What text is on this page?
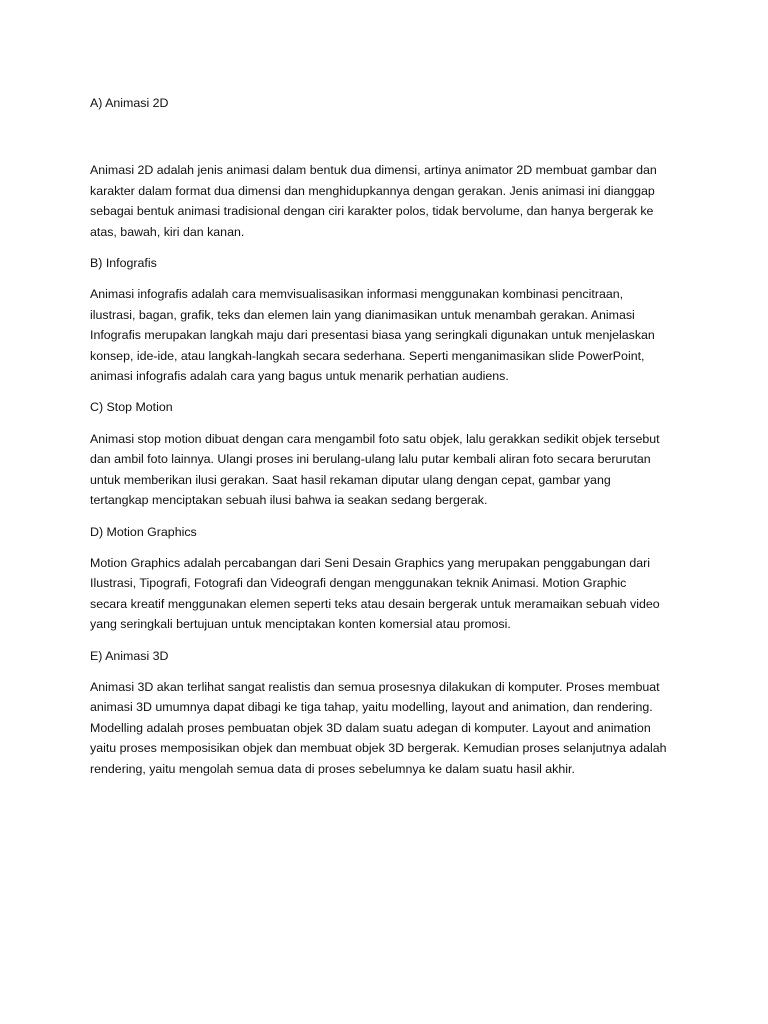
A) Animasi 2D

Animasi 2D adalah jenis animasi dalam bentuk dua dimensi, artinya animator 2D membuat gambar dan
karakter dalam format dua dimensi dan menghidupkannya dengan gerakan. Jenis animasi ini dianggap
sebagai bentuk animasi tradisional dengan ciri karakter polos, tidak bervolume, dan hanya bergerak ke
atas, bawah, kiri dan kanan.

B) Infografis

Animasi infografis adalah cara memvisualisasikan informasi menggunakan kombinasi pencitraan,
ilustrasi, bagan, grafik, teks dan elemen lain yang dianimasikan untuk menambah gerakan. Animasi
Infografis merupakan langkah maju dari presentasi biasa yang seringkali digunakan untuk menjelaskan
konsep, ide-ide, atau langkah-langkah secara sederhana. Seperti menganimasikan slide PowerPoint,
animasi infografis adalah cara yang bagus untuk menarik perhatian audiens.

C) Stop Motion

Animasi stop motion dibuat dengan cara mengambil foto satu objek, lalu gerakkan sedikit objek tersebut
dan ambil foto lainnya. Ulangi proses ini berulang-ulang lalu putar kembali aliran foto secara berurutan
untuk memberikan ilusi gerakan. Saat hasil rekaman diputar ulang dengan cepat, gambar yang
tertangkap menciptakan sebuah ilusi bahwa ia seakan sedang bergerak.

D) Motion Graphics

Motion Graphics adalah percabangan dari Seni Desain Graphics yang merupakan penggabungan dari
Ilustrasi, Tipografi, Fotografi dan Videografi dengan menggunakan teknik Animasi. Motion Graphic
secara kreatif menggunakan elemen seperti teks atau desain bergerak untuk meramaikan sebuah video
yang seringkali bertujuan untuk menciptakan konten komersial atau promosi.

E) Animasi 3D

Animasi 3D akan terlihat sangat realistis dan semua prosesnya dilakukan di komputer. Proses membuat
animasi 3D umumnya dapat dibagi ke tiga tahap, yaitu modelling, layout and animation, dan rendering.
Modelling adalah proses pembuatan objek 3D dalam suatu adegan di komputer. Layout and animation
yaitu proses memposisikan objek dan membuat objek 3D bergerak. Kemudian proses selanjutnya adalah
rendering, yaitu mengolah semua data di proses sebelumnya ke dalam suatu hasil akhir.
